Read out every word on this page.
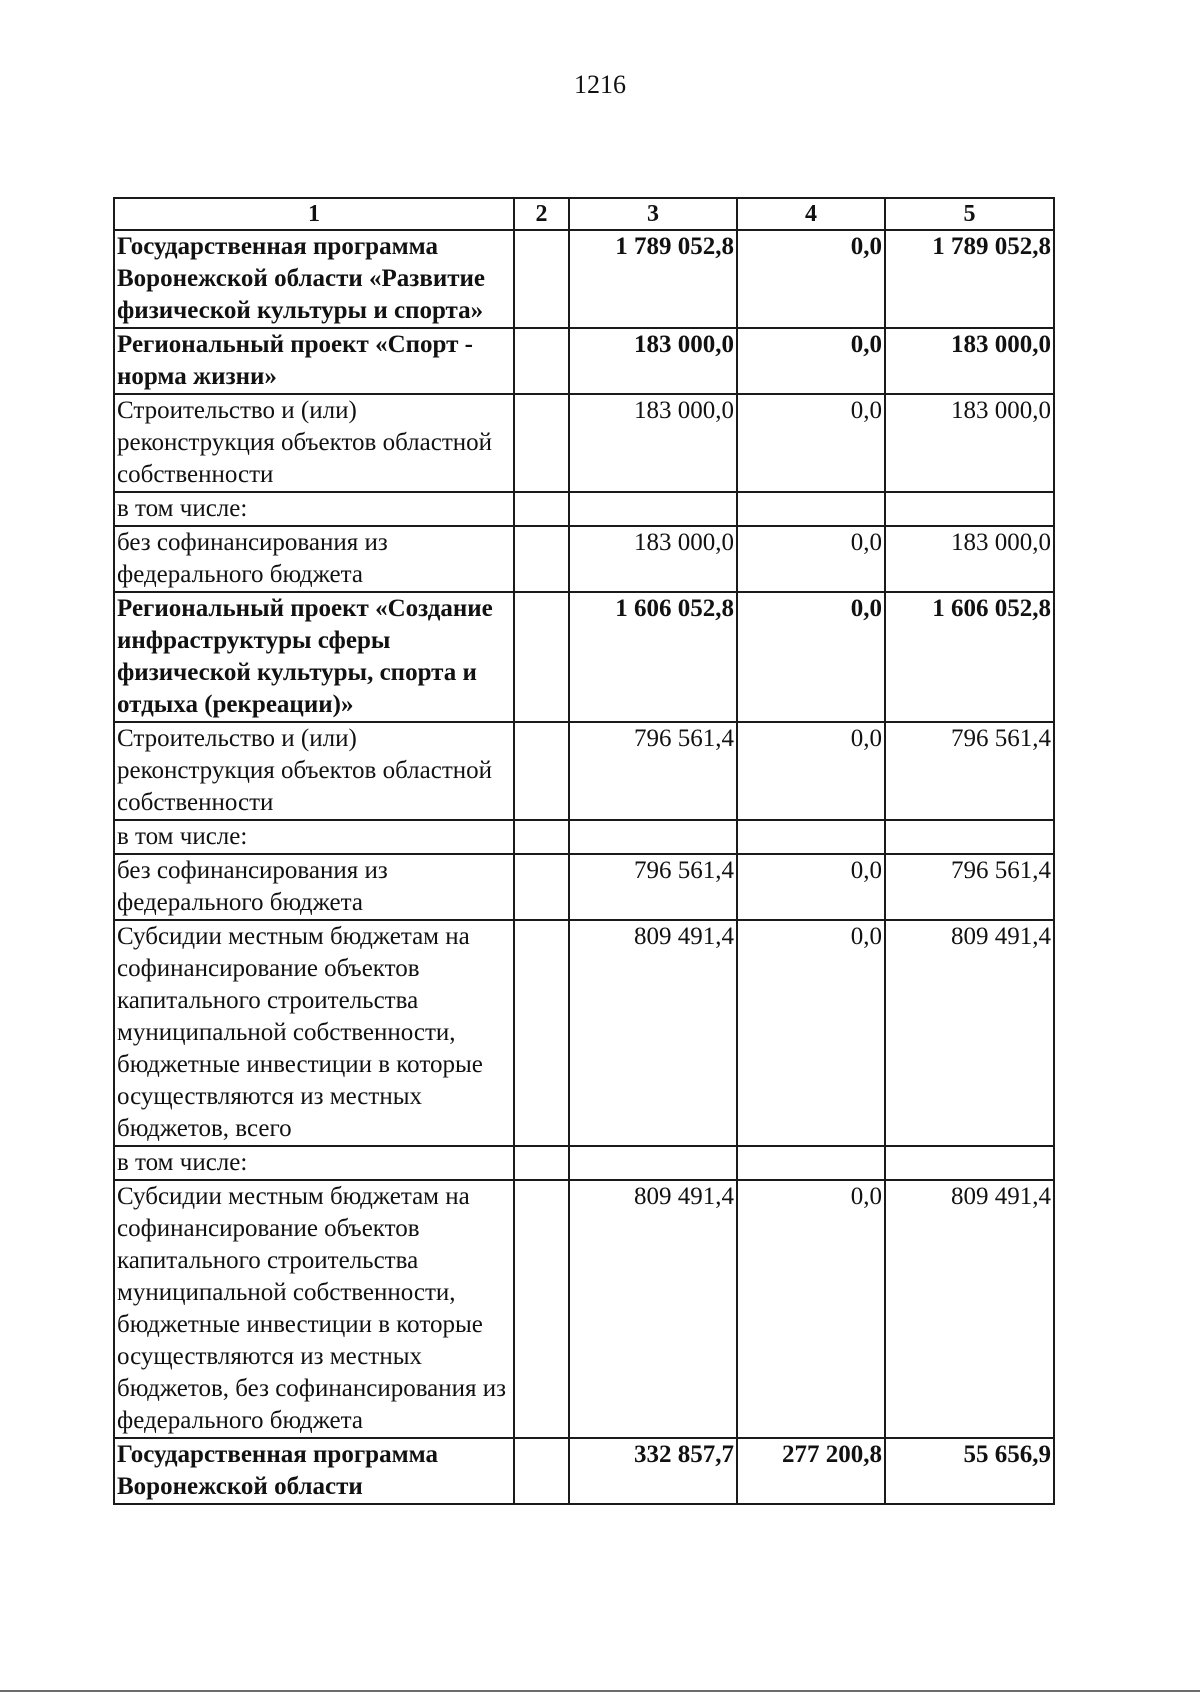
1216
1	2	3	4	5
Государственная программа Воронежской области «Развитие физической культуры и спорта»		1 789 052,8	0,0	1 789 052,8
Региональный проект «Спорт - норма жизни»		183 000,0	0,0	183 000,0
Строительство и (или) реконструкция объектов областной собственности		183 000,0	0,0	183 000,0
в том числе:				
без софинансирования из федерального бюджета		183 000,0	0,0	183 000,0
Региональный проект «Создание инфраструктуры сферы физической культуры, спорта и отдыха (рекреации)»		1 606 052,8	0,0	1 606 052,8
Строительство и (или) реконструкция объектов областной собственности		796 561,4	0,0	796 561,4
в том числе:				
без софинансирования из федерального бюджета		796 561,4	0,0	796 561,4
Субсидии местным бюджетам на софинансирование объектов капитального строительства муниципальной собственности, бюджетные инвестиции в которые осуществляются из местных бюджетов, всего		809 491,4	0,0	809 491,4
в том числе:				
Субсидии местным бюджетам на софинансирование объектов капитального строительства муниципальной собственности, бюджетные инвестиции в которые осуществляются из местных бюджетов, без софинансирования из федерального бюджета		809 491,4	0,0	809 491,4
Государственная программа Воронежской области		332 857,7	277 200,8	55 656,9
